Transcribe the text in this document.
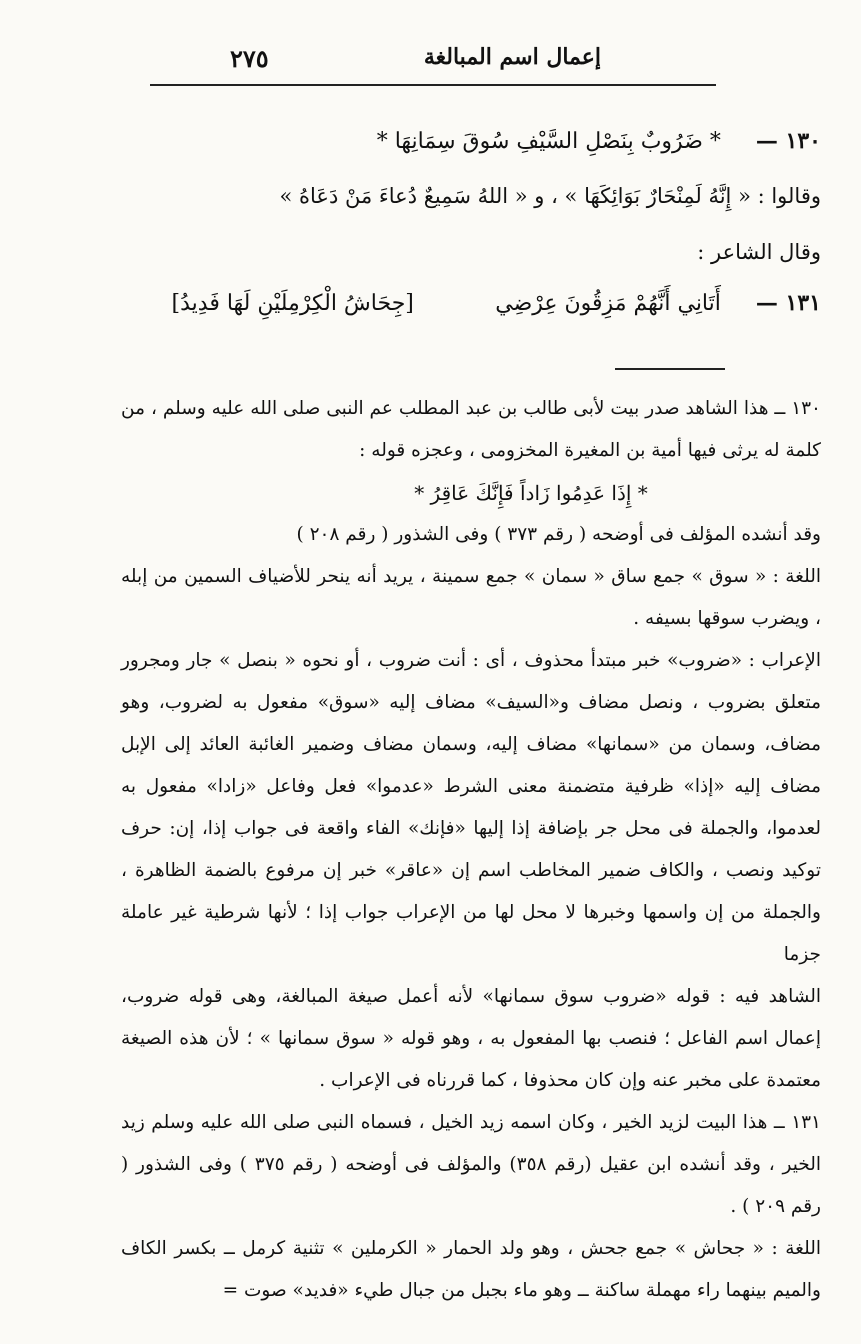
إعمال اسم المبالغة
٢٧٥
١٣٠ — * ضَرُوبٌ بِنَصْلِ السَّيْفِ سُوقَ سِمَانِهَا *
وقالوا : « إِنَّهُ لَمِنْحَارٌ بَوَائِكَهَا » ، و « اللهُ سَمِيعٌ دُعاءَ مَنْ دَعَاهُ »
وقال الشاعر :
١٣١ — أَتَانِي أَنَّهُمْ مَزِقُونَ عِرْضِي [جِحَاشُ الْكِرْمِلَيْنِ لَهَا فَدِيدُ]

١٣٠ ــ هذا الشاهد صدر بيت لأبى طالب بن عبد المطلب عم النبى صلى الله عليه وسلم ، من كلمة له يرثى فيها أمية بن المغيرة المخزومى ، وعجزه قوله :

* إِذَا عَدِمُوا زَاداً فَإِنَّكَ عَاقِرُ *

وقد أنشده المؤلف فى أوضحه ( رقم ٣٧٣ ) وفى الشذور ( رقم ٢٠٨ )

اللغة : « سوق » جمع ساق « سمان » جمع سمينة ، يريد أنه ينحر للأضياف السمين من إبله ، ويضرب سوقها بسيفه .

الإعراب : «ضروب» خبر مبتدأ محذوف ، أى : أنت ضروب ، أو نحوه « بنصل » جار ومجرور متعلق بضروب ، ونصل مضاف و«السيف» مضاف إليه «سوق» مفعول به لضروب، وهو مضاف، وسمان من «سمانها» مضاف إليه، وسمان مضاف وضمير الغائبة العائد إلى الإبل مضاف إليه «إذا» ظرفية متضمنة معنى الشرط «عدموا» فعل وفاعل «زادا» مفعول به لعدموا، والجملة فى محل جر بإضافة إذا إليها «فإنك» الفاء واقعة فى جواب إذا، إن: حرف توكيد ونصب ، والكاف ضمير المخاطب اسم إن «عاقر» خبر إن مرفوع بالضمة الظاهرة ، والجملة من إن واسمها وخبرها لا محل لها من الإعراب جواب إذا ؛ لأنها شرطية غير عاملة جزما

الشاهد فيه : قوله «ضروب سوق سمانها» لأنه أعمل صيغة المبالغة، وهى قوله ضروب، إعمال اسم الفاعل ؛ فنصب بها المفعول به ، وهو قوله « سوق سمانها » ؛ لأن هذه الصيغة معتمدة على مخبر عنه وإن كان محذوفا ، كما قررناه فى الإعراب .

١٣١ ــ هذا البيت لزيد الخير ، وكان اسمه زيد الخيل ، فسماه النبى صلى الله عليه وسلم زيد الخير ، وقد أنشده ابن عقيل (رقم ٣٥٨) والمؤلف فى أوضحه ( رقم ٣٧٥ ) وفى الشذور ( رقم ٢٠٩ ) .

اللغة : « جحاش » جمع جحش ، وهو ولد الحمار « الكرملين » تثنية كرمل ــ بكسر الكاف والميم بينهما راء مهملة ساكنة ــ وهو ماء بجبل من جبال طيء «فديد» صوت =
